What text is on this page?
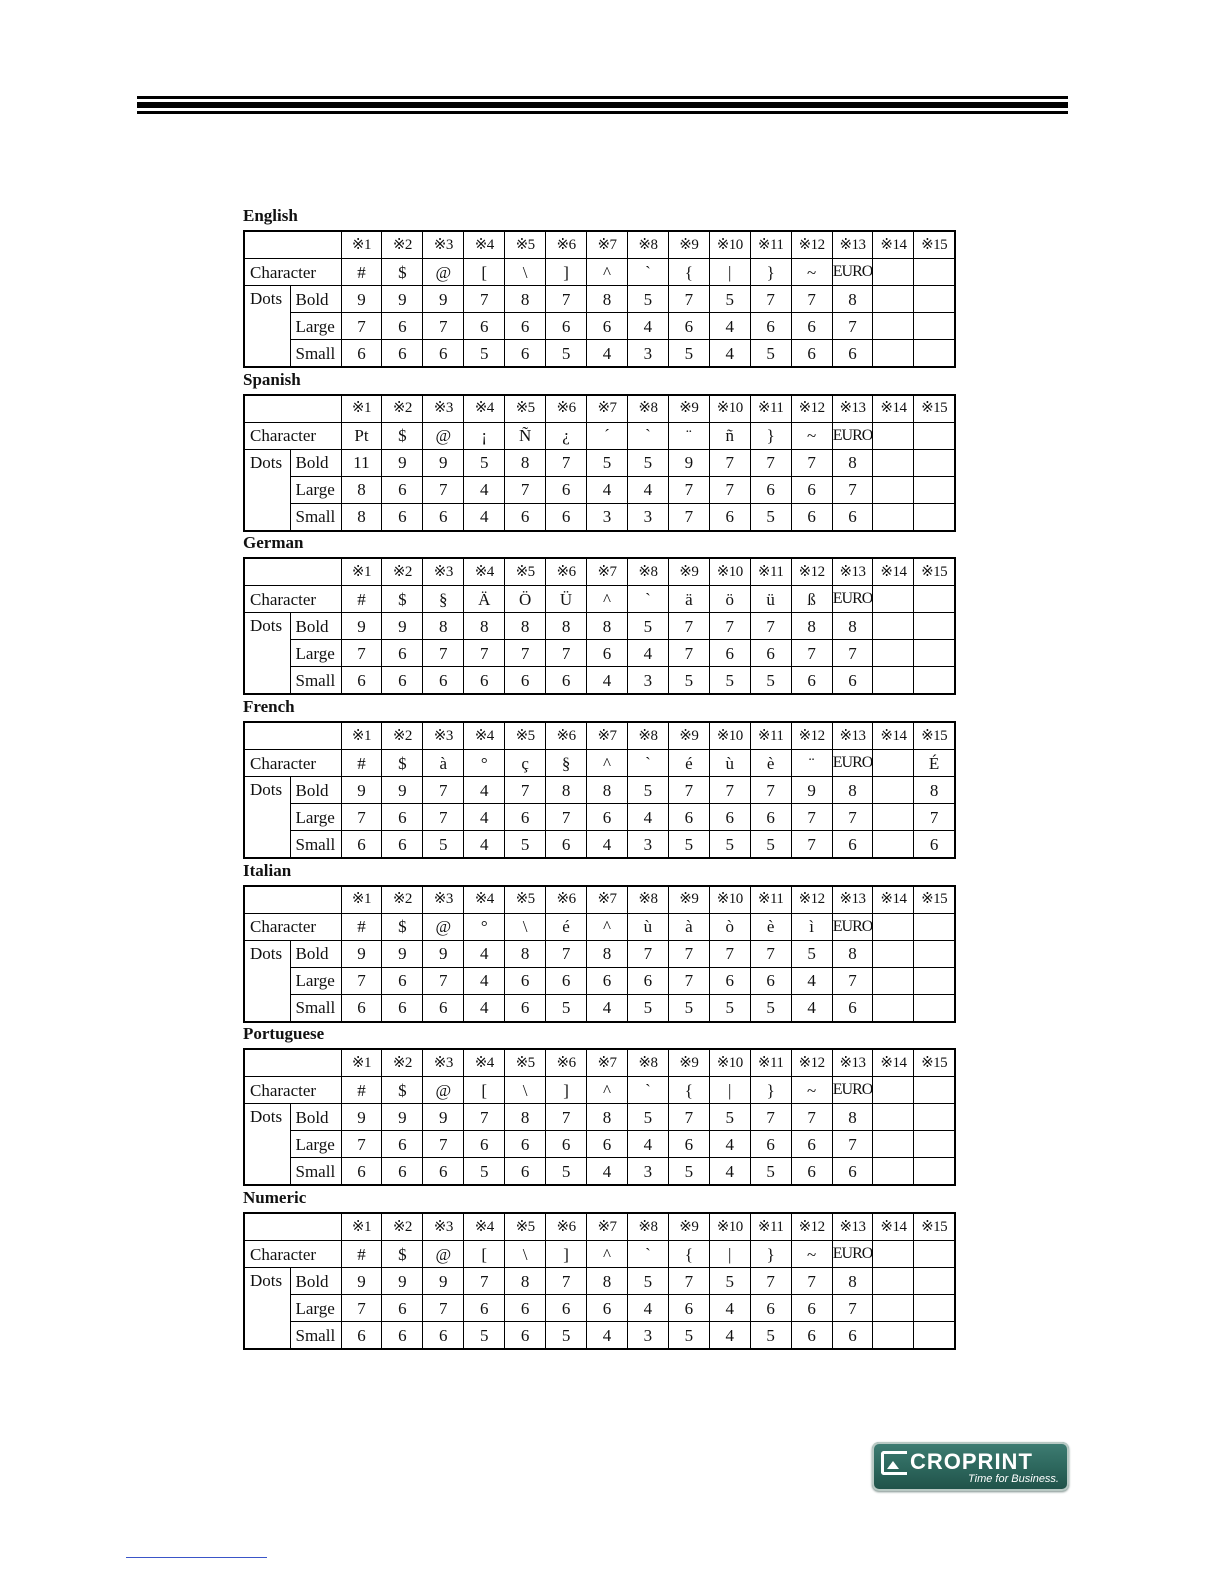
English
		※1	※2	※3	※4	※5	※6	※7	※8	※9	※10	※11	※12	※13	※14	※15
Character		#	$	@	[	\	]	^	`	{	|	}	~	EURO		
Dots	Bold	9	9	9	7	8	7	8	5	7	5	7	7	8		
	Large	7	6	7	6	6	6	6	4	6	4	6	6	7		
	Small	6	6	6	5	6	5	4	3	5	4	5	6	6		
Spanish
		※1	※2	※3	※4	※5	※6	※7	※8	※9	※10	※11	※12	※13	※14	※15
Character		Pt	$	@	¡	Ñ	¿	´	`	¨	ñ	}	~	EURO		
Dots	Bold	11	9	9	5	8	7	5	5	9	7	7	7	8		
	Large	8	6	7	4	7	6	4	4	7	7	6	6	7		
	Small	8	6	6	4	6	6	3	3	7	6	5	6	6		
German
		※1	※2	※3	※4	※5	※6	※7	※8	※9	※10	※11	※12	※13	※14	※15
Character		#	$	§	Ä	Ö	Ü	^	`	ä	ö	ü	ß	EURO		
Dots	Bold	9	9	8	8	8	8	8	5	7	7	7	8	8		
	Large	7	6	7	7	7	7	6	4	7	6	6	7	7		
	Small	6	6	6	6	6	6	4	3	5	5	5	6	6		
French
		※1	※2	※3	※4	※5	※6	※7	※8	※9	※10	※11	※12	※13	※14	※15
Character		#	$	à	°	ç	§	^	`	é	ù	è	¨	EURO		É
Dots	Bold	9	9	7	4	7	8	8	5	7	7	7	9	8		8
	Large	7	6	7	4	6	7	6	4	6	6	6	7	7		7
	Small	6	6	5	4	5	6	4	3	5	5	5	7	6		6
Italian
		※1	※2	※3	※4	※5	※6	※7	※8	※9	※10	※11	※12	※13	※14	※15
Character		#	$	@	°	\	é	^	ù	à	ò	è	ì	EURO		
Dots	Bold	9	9	9	4	8	7	8	7	7	7	7	5	8		
	Large	7	6	7	4	6	6	6	6	7	6	6	4	7		
	Small	6	6	6	4	6	5	4	5	5	5	5	4	6		
Portuguese
		※1	※2	※3	※4	※5	※6	※7	※8	※9	※10	※11	※12	※13	※14	※15
Character		#	$	@	[	\	]	^	`	{	|	}	~	EURO		
Dots	Bold	9	9	9	7	8	7	8	5	7	5	7	7	8		
	Large	7	6	7	6	6	6	6	4	6	4	6	6	7		
	Small	6	6	6	5	6	5	4	3	5	4	5	6	6		
Numeric
		※1	※2	※3	※4	※5	※6	※7	※8	※9	※10	※11	※12	※13	※14	※15
Character		#	$	@	[	\	]	^	`	{	|	}	~	EURO		
Dots	Bold	9	9	9	7	8	7	8	5	7	5	7	7	8		
	Large	7	6	7	6	6	6	6	4	6	4	6	6	7		
	Small	6	6	6	5	6	5	4	3	5	4	5	6	6		
CROPRINT
Time for Business.
